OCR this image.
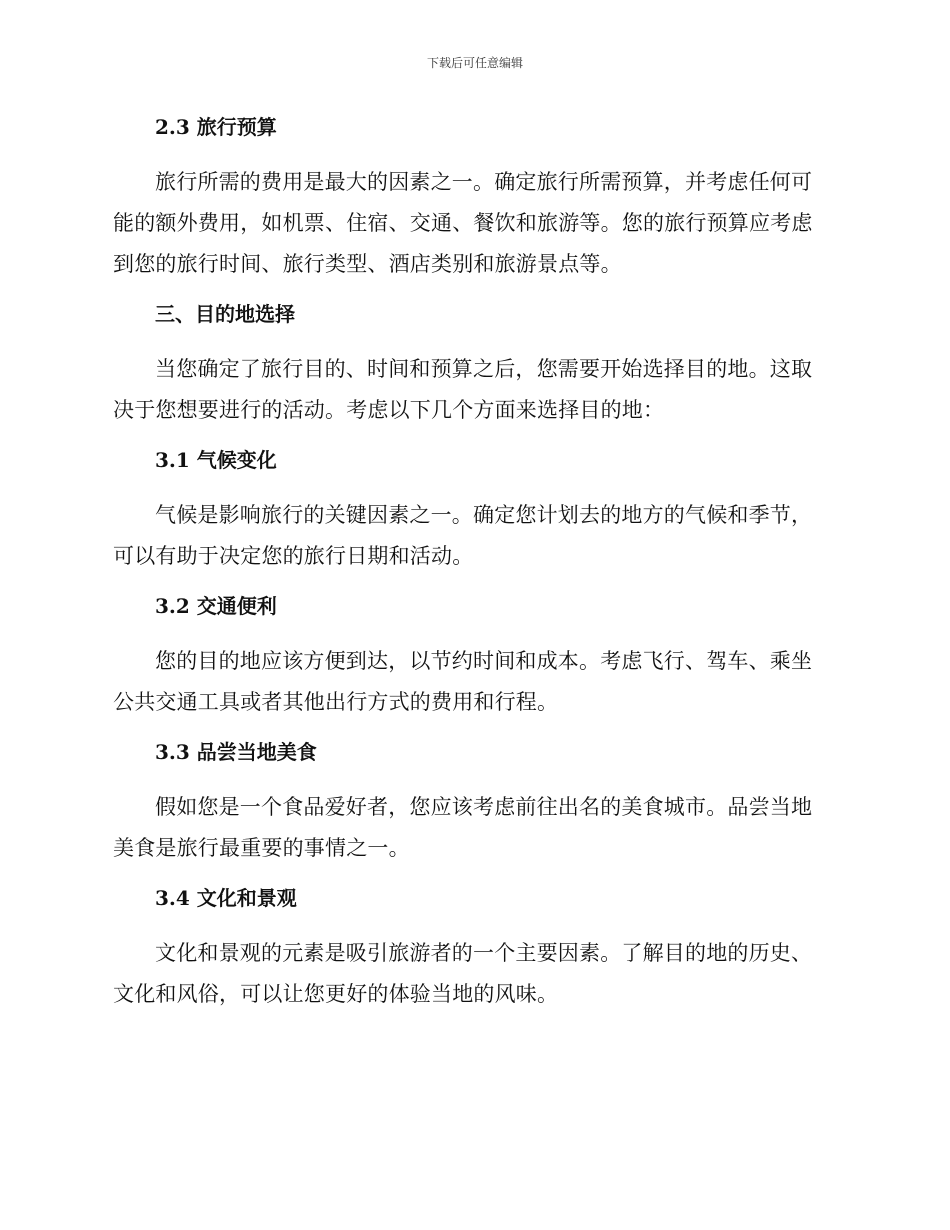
下载后可任意编辑
2.3 旅行预算

旅行所需的费用是最大的因素之一。确定旅行所需预算，并考虑任何可能的额外费用，如机票、住宿、交通、餐饮和旅游等。您的旅行预算应考虑到您的旅行时间、旅行类型、酒店类别和旅游景点等。

三、目的地选择

当您确定了旅行目的、时间和预算之后，您需要开始选择目的地。这取决于您想要进行的活动。考虑以下几个方面来选择目的地：

3.1 气候变化

气候是影响旅行的关键因素之一。确定您计划去的地方的气候和季节，可以有助于决定您的旅行日期和活动。

3.2 交通便利

您的目的地应该方便到达，以节约时间和成本。考虑飞行、驾车、乘坐公共交通工具或者其他出行方式的费用和行程。

3.3 品尝当地美食

假如您是一个食品爱好者，您应该考虑前往出名的美食城市。品尝当地美食是旅行最重要的事情之一。

3.4 文化和景观

文化和景观的元素是吸引旅游者的一个主要因素。了解目的地的历史、文化和风俗，可以让您更好的体验当地的风味。
